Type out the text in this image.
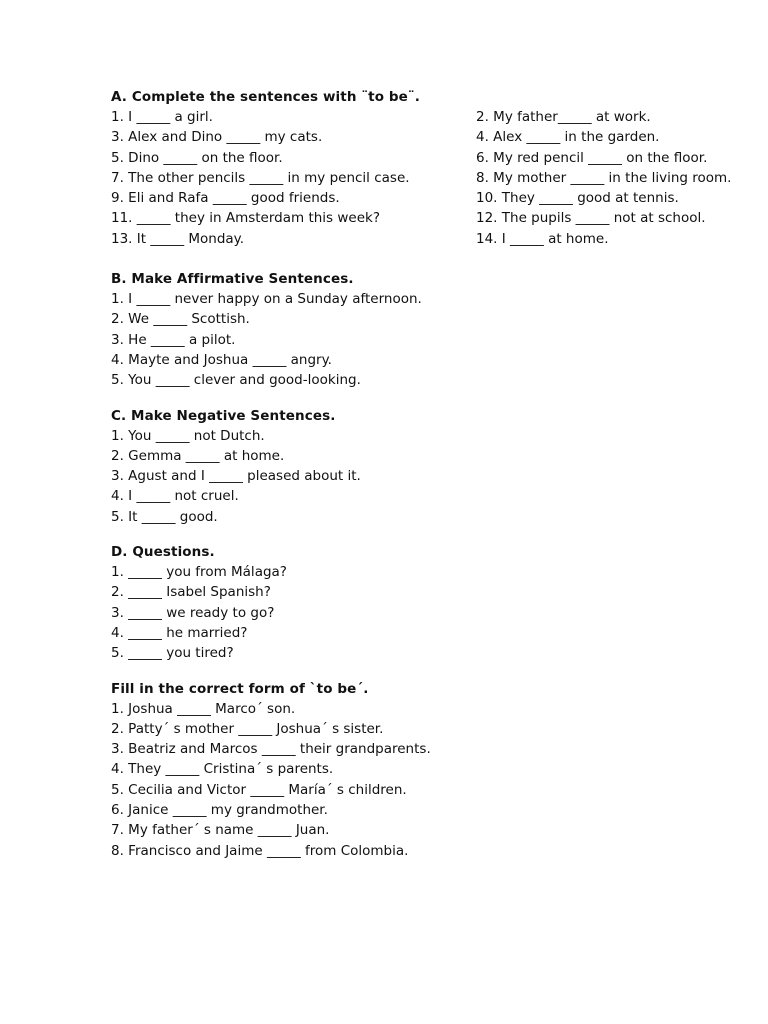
A. Complete the sentences with ¨to be¨.
1. I _____ a girl.
3. Alex and Dino _____ my cats.
5. Dino _____ on the floor.
7. The other pencils _____ in my pencil case.
9. Eli and Rafa _____ good friends.
11. _____ they in Amsterdam this week?
13. It _____ Monday.
2. My father_____ at work.
4. Alex _____ in the garden.
6. My red pencil _____ on the floor.
8. My mother _____ in the living room.
10. They _____ good at tennis.
12. The pupils _____ not at school.
14. I _____ at home.
B. Make Affirmative Sentences.
1. I _____ never happy on a Sunday afternoon.
2. We _____ Scottish.
3. He _____ a pilot.
4. Mayte and Joshua _____ angry.
5. You _____ clever and good-looking.
C. Make Negative Sentences.
1. You _____ not Dutch.
2. Gemma _____ at home.
3. Agust and I _____ pleased about it.
4. I _____ not cruel.
5. It _____ good.
D. Questions.
1. _____ you from Málaga?
2. _____ Isabel Spanish?
3. _____ we ready to go?
4. _____ he married?
5. _____ you tired?
Fill in the correct form of `to be´.
1. Joshua _____ Marco´ son.
2. Patty´ s mother _____ Joshua´ s sister.
3. Beatriz and Marcos _____ their grandparents.
4. They _____ Cristina´ s parents.
5. Cecilia and Victor _____ María´ s children.
6. Janice _____ my grandmother.
7. My father´ s name _____ Juan.
8. Francisco and Jaime _____ from Colombia.
